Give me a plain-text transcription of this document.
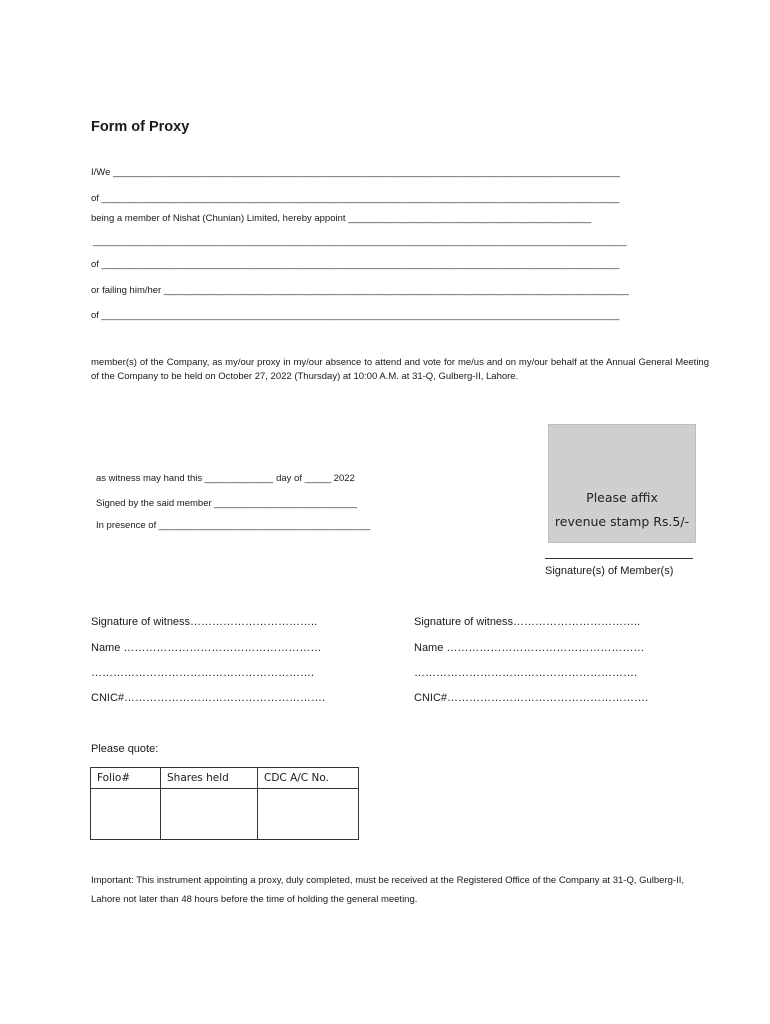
Form of Proxy
I/We ________________________________________________________________________________________________
of __________________________________________________________________________________________________
being a member of Nishat (Chunian) Limited, hereby appoint ______________________________________________
_____________________________________________________________________________________________________
of __________________________________________________________________________________________________
or failing him/her ________________________________________________________________________________________
of __________________________________________________________________________________________________
member(s) of the Company, as my/our proxy in my/our absence to attend and vote for me/us and on my/our behalf at the Annual General Meeting of the Company to be held on October 27, 2022 (Thursday) at 10:00 A.M. at 31-Q, Gulberg-II, Lahore.
as witness may hand this _____________ day of _____ 2022
Signed by the said member ___________________________
In presence of ________________________________________
Please affix
revenue stamp Rs.5/-
Signature(s) of Member(s)
Signature of witness……………………………..
Name ………………………………………………
…………………………………………………….
CNIC#……………………………………………….
Signature of witness……………………………..
Name ………………………………………………
…………………………………………………….
CNIC#……………………………………………….
Please quote:
Folio#	Shares held	CDC A/C No.

Important: This instrument appointing a proxy, duly completed, must be received at the Registered Office of the Company at 31-Q, Gulberg-II, Lahore not later than 48 hours before the time of holding the general meeting.
